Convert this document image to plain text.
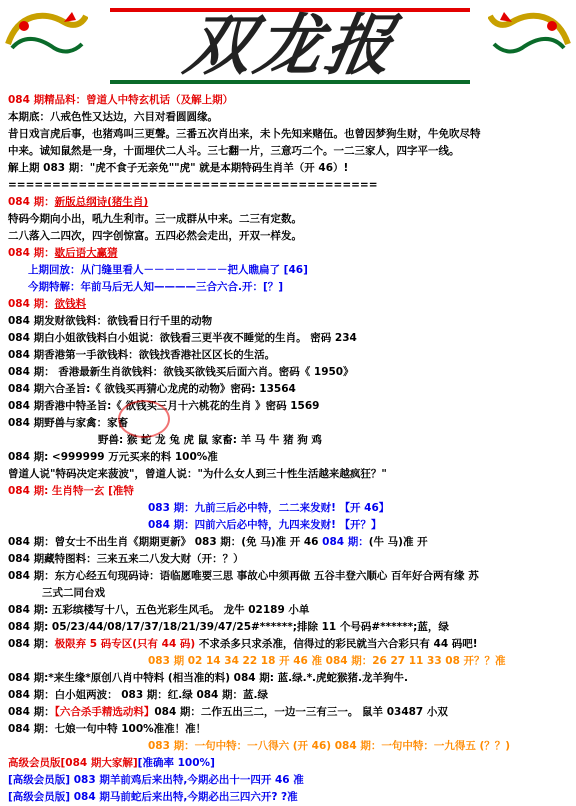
双龙报
084 期精品料：曾道人中特玄机话（及解上期）
本期底：八戒色性又达边，六目对看圆圆缘。
昔日戏言虎后事，也猪鸡叫三更聲。三番五次肖出来，未卜先知来赌伍。也曾因梦狗生财，牛免吹尽特
中来。诚知鼠然是一身，十面埋伏二人斗。三七翻一片，三意巧二个。一二三家人，四字平一线。
解上期 083 期："虎不食子无亲免""虎" 就是本期特码生肖羊（开 46）!
==========================================
084 期：新版总纲诗(猪生肖)
特码今期向小出，吼九生利市。三一成群从中来。二三有定数。
二八落入二四次，四字创惊富。五四必然会走出，开双一样发。
084 期：歇后语大赢猜
上期回放：从门缝里看人－－－－－－－－把人瞧扁了 [46]
今期特解：年前马后无人知————三合六合.开：[？]
084 期：欲钱料
084 期发财欲钱料：欲钱看日行千里的动物
084 期白小姐欲钱料白小姐说：欲钱看三更半夜不睡觉的生肖。 密码 234
084 期香港第一手欲钱料：欲钱找香港社区区长的生活。
084 期： 香港最新生肖欲钱料：欲钱买欲钱买后面六肖。密码《 1950》
084 期六合圣旨:《 欲钱买再猜心龙虎的动物》密码: 13564
084 期香港中特圣旨:《 欲钱买三月十六桃花的生肖 》密码 1569
084 期野兽与家禽：家畜
野兽: 猴 蛇 龙 兔 虎 鼠 家畜: 羊 马 牛 猪 狗 鸡
084 期: <999999 万元买来的料 100%准
曾道人说"特码决定来菠波"，曾道人说："为什么女人到三十性生活越来越疯狂？"
084 期: 生肖特一玄 [准特
083 期：九前三后必中特，二二来发财! 【开 46】
084 期：四前六后必中特，九四来发财! 【开？】
084 期：曾女士不出生肖《期期更新》 083 期：(免 马)准 开 46 084 期：(牛 马)准 开
084 期藏特图料：三来五来二八发大财（开：？）
084 期：东方心经五句现码诗：语临愿唯要三思 事故心中须再做 五谷丰登六顺心 百年好合两有缘 苏
三式二同台戏
084 期: 五彩缤楼写十八，五色光彩生风毛。 龙牛 02189 小单
084 期: 05/23/44/08/17/37/18/21/39/47/25#******;排除 11 个号码#******;蓝，绿
084 期：极限弃 5 码专区(只有 44 码) 不求杀多只求杀准，信得过的彩民就当六合彩只有 44 码吧!
083 期 02 14 34 22 18 开 46 准 084 期：26 27 11 33 08 开？？准
084 期:*来生缘*原创八肖中特料 (相当准的料) 084 期: 蓝.绿.*.虎蛇猴猪.龙羊狗牛.
084 期：白小姐两波： 083 期：红.绿 084 期：蓝.绿
084 期：【六合杀手精选动料】084 期：二作五出三二，一边一三有三一。 鼠羊 03487 小双
084 期：七娘一句中特 100%准准！准！
083 期：一句中特：一八得六 (开 46) 084 期：一句中特：一九得五 (？？)
高级会员版[084 期大家解][准确率 100%]
[高级会员版] 083 期羊前鸡后来出特,今期必出十一四开 46 准
[高级会员版] 084 期马前蛇后来出特,今期必出三四六开? ?准
